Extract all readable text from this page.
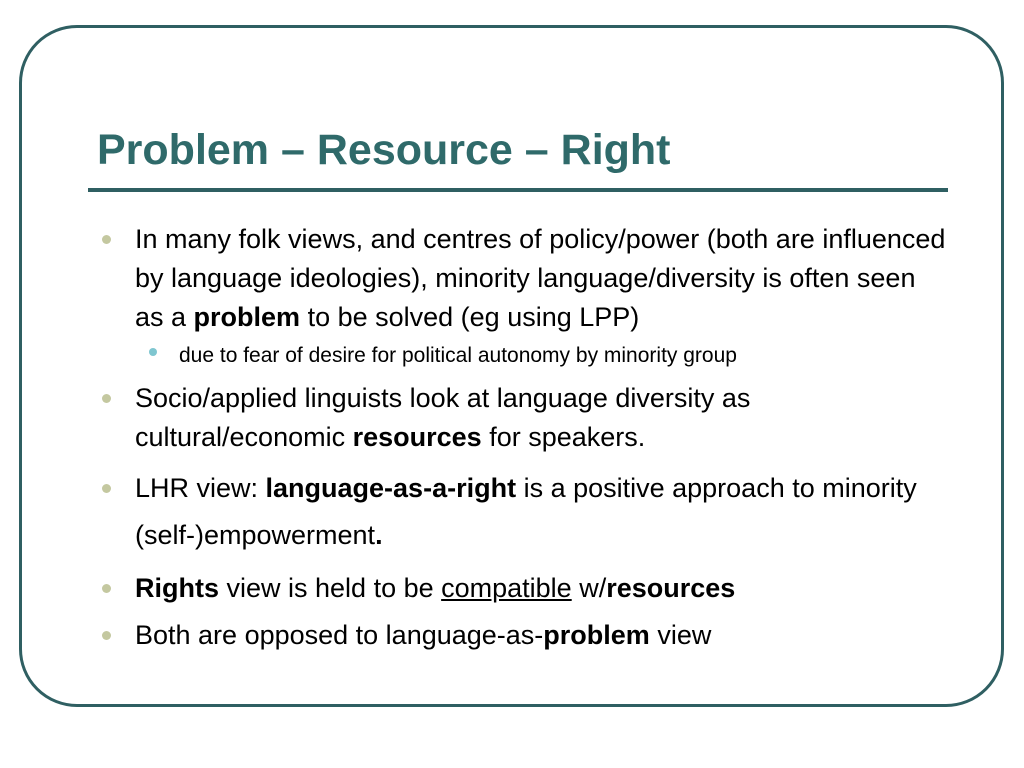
Problem – Resource – Right
In many folk views, and centres of policy/power (both are influenced by language ideologies), minority language/diversity is often seen as a problem to be solved (eg using LPP)
due to fear of desire for political autonomy by minority group
Socio/applied linguists look at language diversity as cultural/economic resources for speakers.
LHR view: language-as-a-right is a positive approach to minority (self-)empowerment.
Rights view is held to be compatible w/resources
Both are opposed to language-as-problem view
